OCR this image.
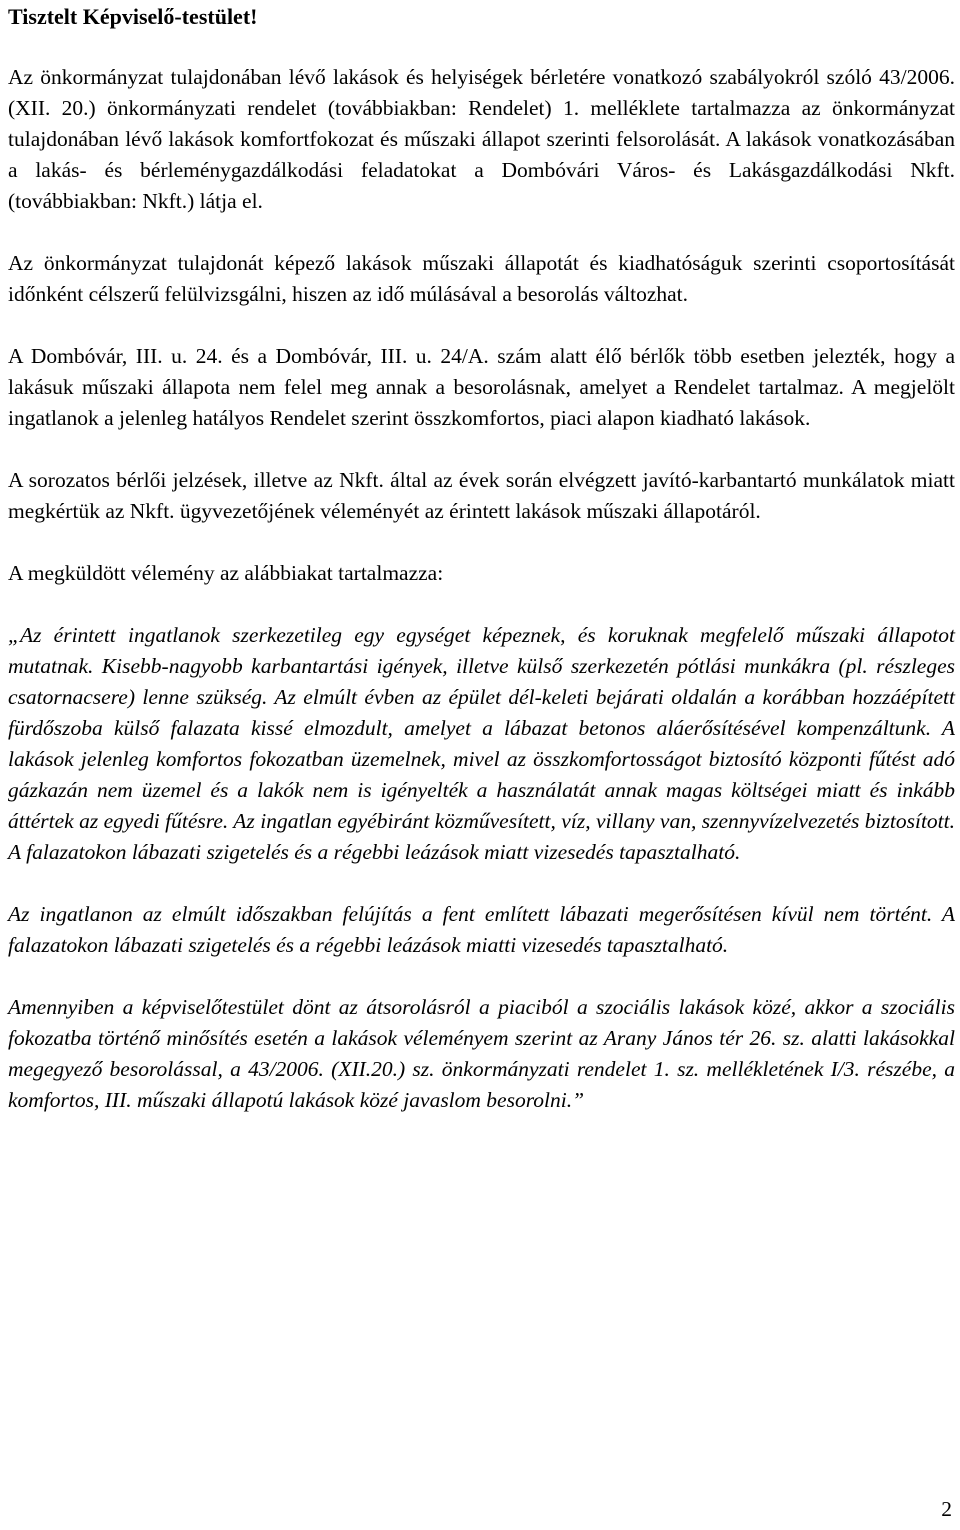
Tisztelt Képviselő-testület!

Az önkormányzat tulajdonában lévő lakások és helyiségek bérletére vonatkozó szabályokról szóló 43/2006. (XII. 20.) önkormányzati rendelet (továbbiakban: Rendelet) 1. melléklete tartalmazza az önkormányzat tulajdonában lévő lakások komfortfokozat és műszaki állapot szerinti felsorolását. A lakások vonatkozásában a lakás- és bérleménygazdálkodási feladatokat a Dombóvári Város- és Lakásgazdálkodási Nkft. (továbbiakban: Nkft.) látja el.

Az önkormányzat tulajdonát képező lakások műszaki állapotát és kiadhatóságuk szerinti csoportosítását időnként célszerű felülvizsgálni, hiszen az idő múlásával a besorolás változhat.

A Dombóvár, III. u. 24. és a Dombóvár, III. u. 24/A. szám alatt élő bérlők több esetben jelezték, hogy a lakásuk műszaki állapota nem felel meg annak a besorolásnak, amelyet a Rendelet tartalmaz. A megjelölt ingatlanok a jelenleg hatályos Rendelet szerint összkomfortos, piaci alapon kiadható lakások.

A sorozatos bérlői jelzések, illetve az Nkft. által az évek során elvégzett javító-karbantartó munkálatok miatt megkértük az Nkft. ügyvezetőjének véleményét az érintett lakások műszaki állapotáról.

A megküldött vélemény az alábbiakat tartalmazza:

„Az érintett ingatlanok szerkezetileg egy egységet képeznek, és koruknak megfelelő műszaki állapotot mutatnak. Kisebb-nagyobb karbantartási igények, illetve külső szerkezetén pótlási munkákra (pl. részleges csatornacsere) lenne szükség. Az elmúlt évben az épület dél-keleti bejárati oldalán a korábban hozzáépített fürdőszoba külső falazata kissé elmozdult, amelyet a lábazat betonos aláerősítésével kompenzáltunk. A lakások jelenleg komfortos fokozatban üzemelnek, mivel az összkomfortosságot biztosító központi fűtést adó gázkazán nem üzemel és a lakók nem is igényelték a használatát annak magas költségei miatt és inkább áttértek az egyedi fűtésre. Az ingatlan egyébiránt közművesített, víz, villany van, szennyvízelvezetés biztosított. A falazatokon lábazati szigetelés és a régebbi leázások miatt vizesedés tapasztalható.

Az ingatlanon az elmúlt időszakban felújítás a fent említett lábazati megerősítésen kívül nem történt. A falazatokon lábazati szigetelés és a régebbi leázások miatti vizesedés tapasztalható.

Amennyiben a képviselőtestület dönt az átsorolásról a piaciból a szociális lakások közé, akkor a szociális fokozatba történő minősítés esetén a lakások véleményem szerint az Arany János tér 26. sz. alatti lakásokkal megegyező besorolással, a 43/2006. (XII.20.) sz. önkormányzati rendelet 1. sz. mellékletének I/3. részébe, a komfortos, III. műszaki állapotú lakások közé javaslom besorolni.”

2
